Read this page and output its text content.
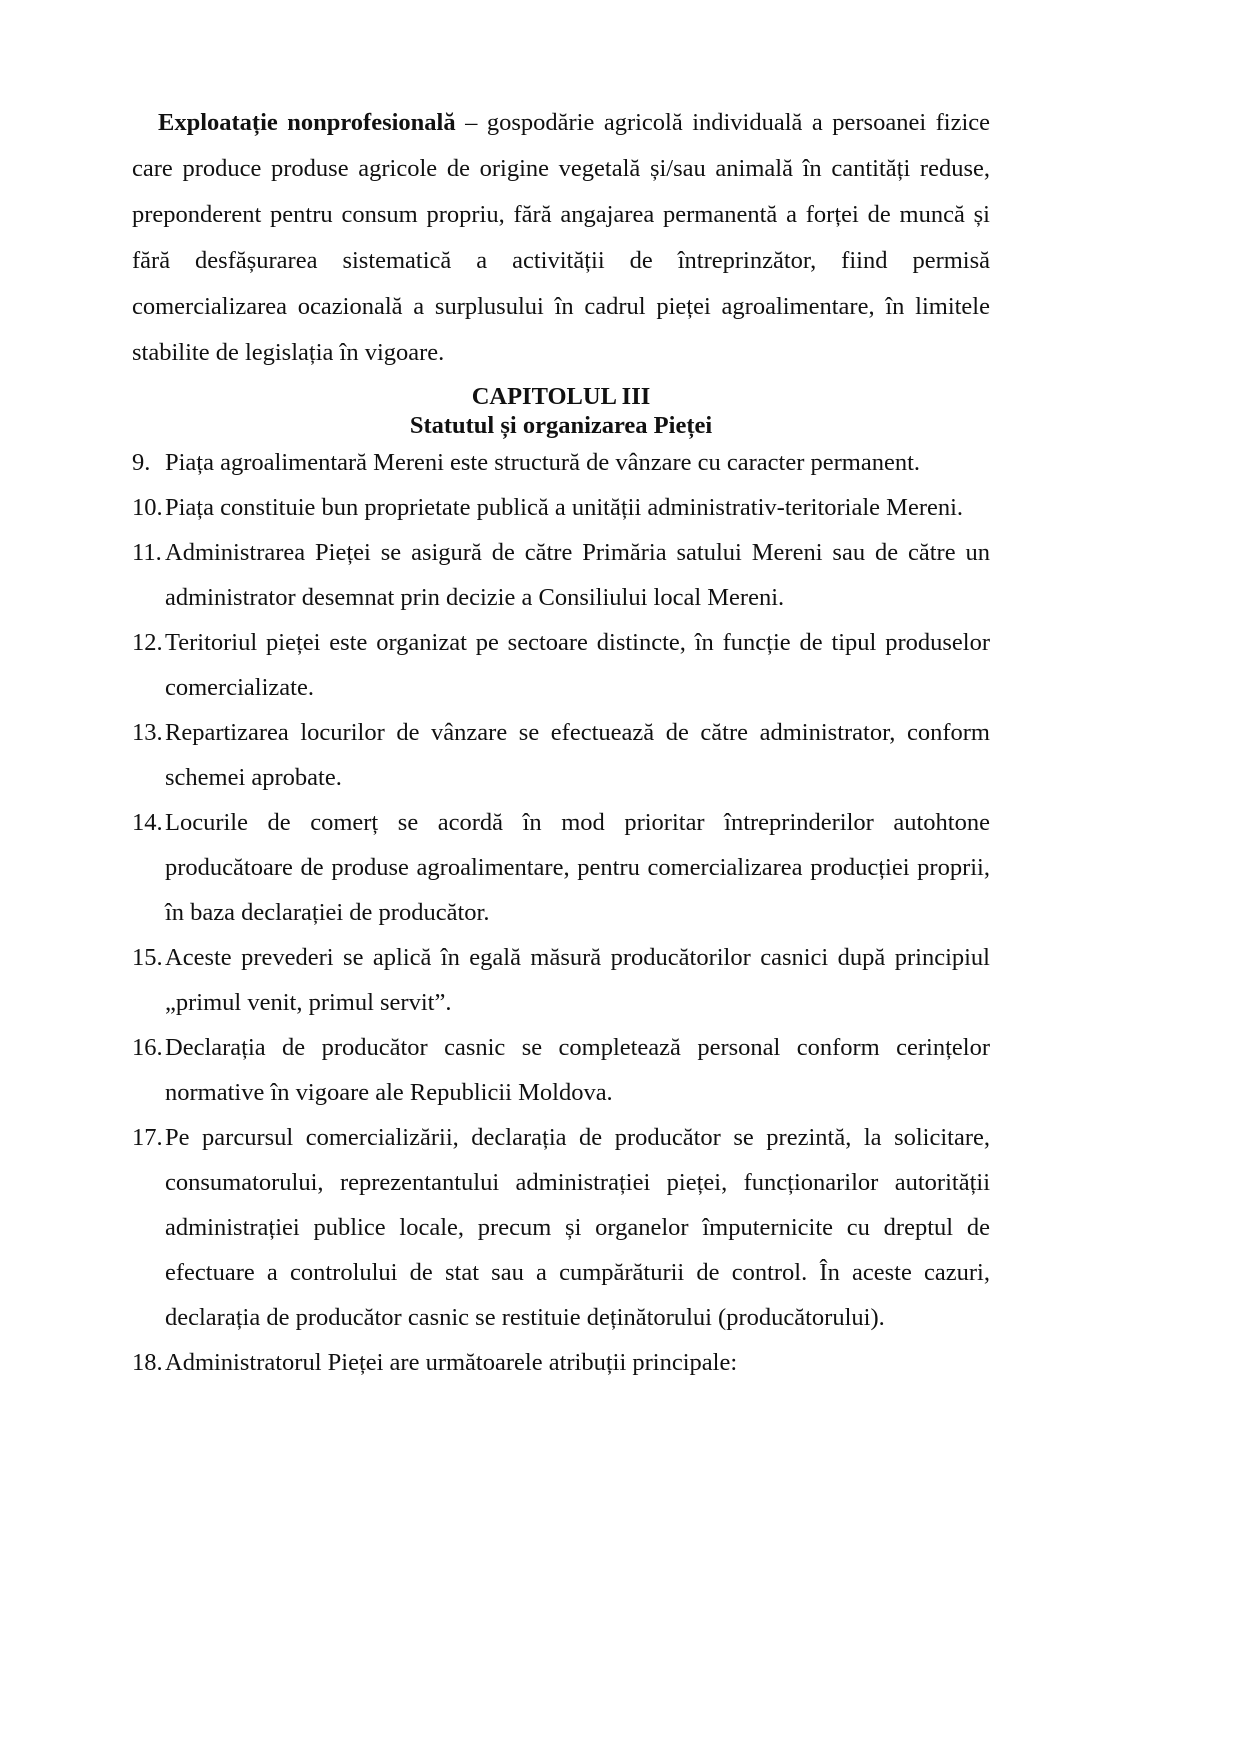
Exploatație nonprofesională – gospodărie agricolă individuală a persoanei fizice care produce produse agricole de origine vegetală și/sau animală în cantități reduse, preponderent pentru consum propriu, fără angajarea permanentă a forței de muncă și fără desfășurarea sistematică a activității de întreprinzător, fiind permisă comercializarea ocazională a surplusului în cadrul pieței agroalimentare, în limitele stabilite de legislația în vigoare.

CAPITOLUL III
Statutul și organizarea Pieței
9. Piața agroalimentară Mereni este structură de vânzare cu caracter permanent.
10. Piața constituie bun proprietate publică a unității administrativ-teritoriale Mereni.
11. Administrarea Pieței se asigură de către Primăria satului Mereni sau de către un administrator desemnat prin decizie a Consiliului local Mereni.
12. Teritoriul pieței este organizat pe sectoare distincte, în funcție de tipul produselor comercializate.
13. Repartizarea locurilor de vânzare se efectuează de către administrator, conform schemei aprobate.
14. Locurile de comerț se acordă în mod prioritar întreprinderilor autohtone producătoare de produse agroalimentare, pentru comercializarea producției proprii, în baza declarației de producător.
15. Aceste prevederi se aplică în egală măsură producătorilor casnici după principiul „primul venit, primul servit”.
16. Declarația de producător casnic se completează personal conform cerințelor normative în vigoare ale Republicii Moldova.
17. Pe parcursul comercializării, declarația de producător se prezintă, la solicitare, consumatorului, reprezentantului administrației pieței, funcționarilor autorității administrației publice locale, precum și organelor împuternicite cu dreptul de efectuare a controlului de stat sau a cumpărăturii de control. În aceste cazuri, declarația de producător casnic se restituie deținătorului (producătorului).
18. Administratorul Pieței are următoarele atribuții principale:
